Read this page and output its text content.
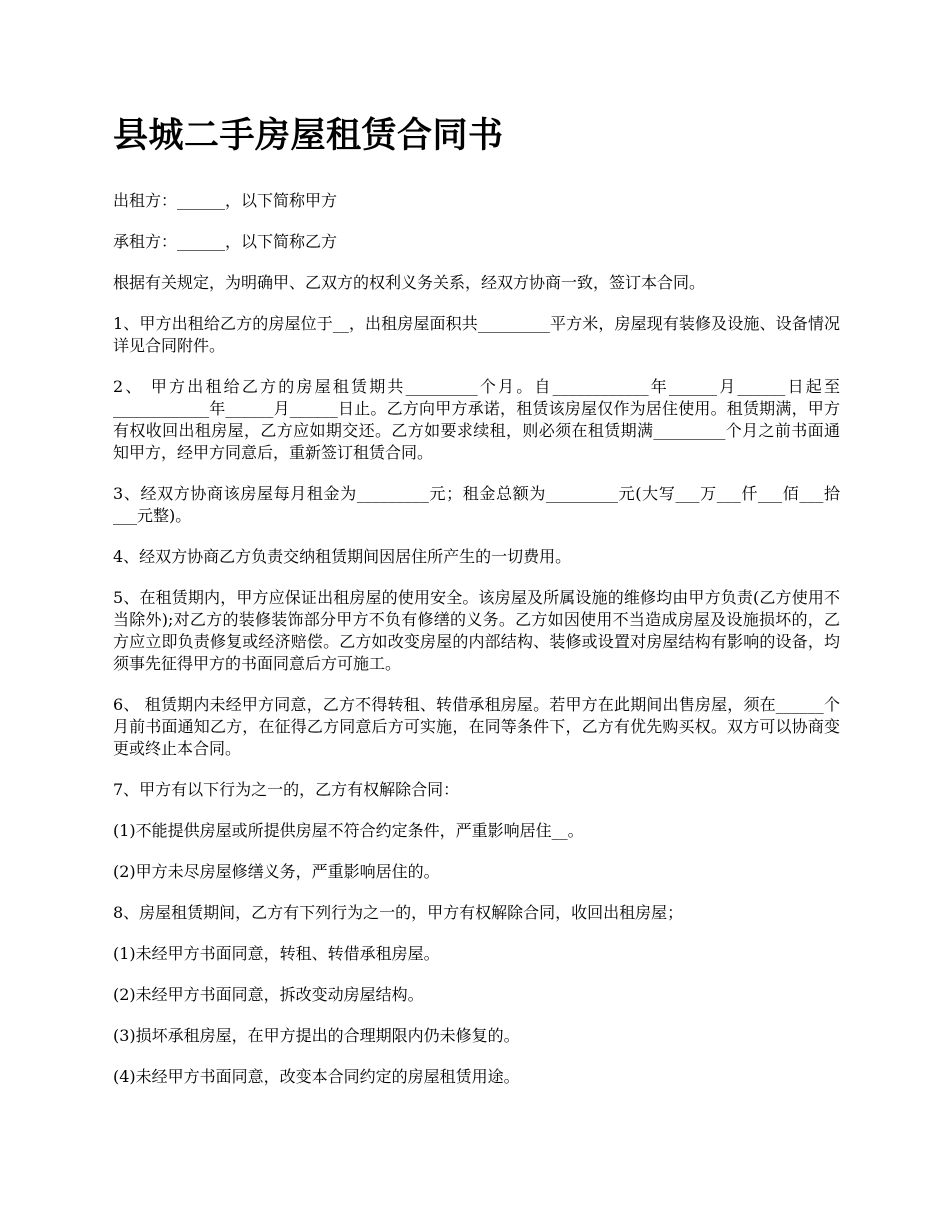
县城二手房屋租赁合同书

出租方：______，以下简称甲方

承租方：______，以下简称乙方

根据有关规定，为明确甲、乙双方的权利义务关系，经双方协商一致，签订本合同。

1、甲方出租给乙方的房屋位于__，出租房屋面积共_________平方米，房屋现有装修及设施、设备情况详见合同附件。

2、 甲方出租给乙方的房屋租赁期共_________个月。自____________年______月______日起至____________年______月______日止。乙方向甲方承诺，租赁该房屋仅作为居住使用。租赁期满，甲方有权收回出租房屋，乙方应如期交还。乙方如要求续租，则必须在租赁期满_________个月之前书面通知甲方，经甲方同意后，重新签订租赁合同。

3、经双方协商该房屋每月租金为_________元；租金总额为_________元(大写___万___仟___佰___拾___元整)。

4、经双方协商乙方负责交纳租赁期间因居住所产生的一切费用。

5、在租赁期内，甲方应保证出租房屋的使用安全。该房屋及所属设施的维修均由甲方负责(乙方使用不当除外);对乙方的装修装饰部分甲方不负有修缮的义务。乙方如因使用不当造成房屋及设施损坏的，乙方应立即负责修复或经济赔偿。乙方如改变房屋的内部结构、装修或设置对房屋结构有影响的设备，均须事先征得甲方的书面同意后方可施工。

6、 租赁期内未经甲方同意，乙方不得转租、转借承租房屋。若甲方在此期间出售房屋，须在______个月前书面通知乙方，在征得乙方同意后方可实施，在同等条件下，乙方有优先购买权。双方可以协商变更或终止本合同。

7、甲方有以下行为之一的，乙方有权解除合同：

(1)不能提供房屋或所提供房屋不符合约定条件，严重影响居住__。

(2)甲方未尽房屋修缮义务，严重影响居住的。

8、房屋租赁期间，乙方有下列行为之一的，甲方有权解除合同，收回出租房屋；

(1)未经甲方书面同意，转租、转借承租房屋。

(2)未经甲方书面同意，拆改变动房屋结构。

(3)损坏承租房屋，在甲方提出的合理期限内仍未修复的。

(4)未经甲方书面同意，改变本合同约定的房屋租赁用途。
